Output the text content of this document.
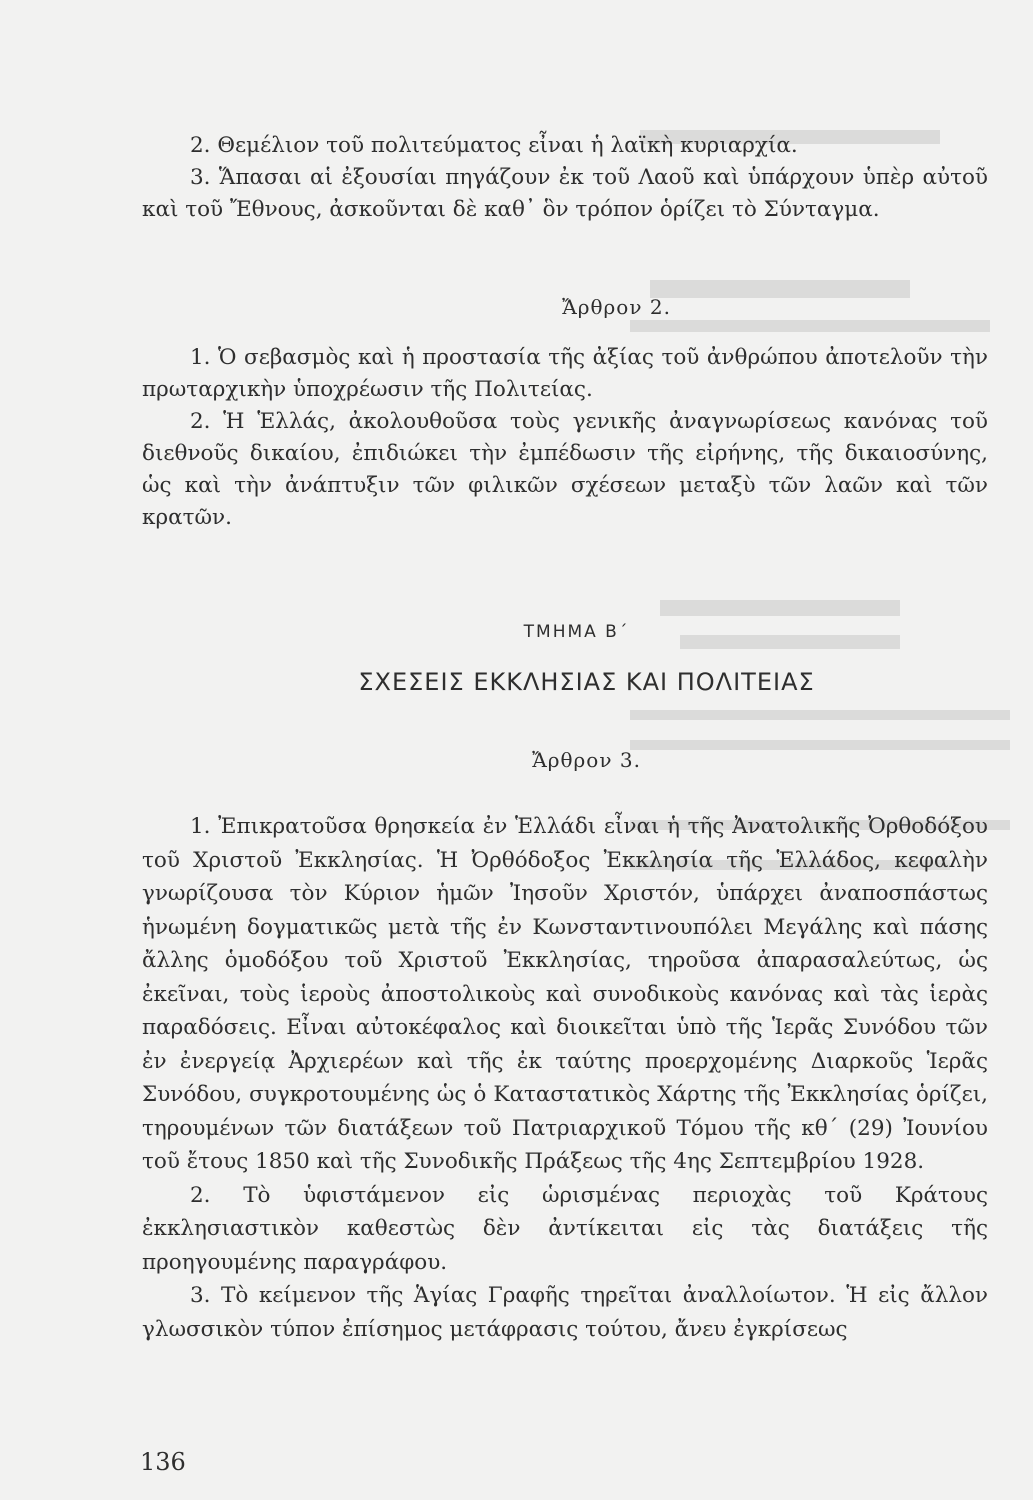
2. Θεμέλιον τοῦ πολιτεύματος εἶναι ἡ λαϊκὴ κυριαρχία.

3. Ἅπασαι αἱ ἐξουσίαι πηγάζουν ἐκ τοῦ Λαοῦ καὶ ὑπάρχουν ὑπὲρ αὐτοῦ καὶ τοῦ Ἔθνους, ἀσκοῦνται δὲ καθ᾽ ὃν τρόπον ὁρίζει τὸ Σύνταγμα.

Ἄρθρον 2.

1. Ὁ σεβασμὸς καὶ ἡ προστασία τῆς ἀξίας τοῦ ἀνθρώπου ἀποτελοῦν τὴν πρωταρχικὴν ὑποχρέωσιν τῆς Πολιτείας.

2. Ἡ Ἑλλάς, ἀκολουθοῦσα τοὺς γενικῆς ἀναγνωρίσεως κανόνας τοῦ διεθνοῦς δικαίου, ἐπιδιώκει τὴν ἐμπέδωσιν τῆς εἰρήνης, τῆς δικαιοσύνης, ὡς καὶ τὴν ἀνάπτυξιν τῶν φιλικῶν σχέσεων μεταξὺ τῶν λαῶν καὶ τῶν κρατῶν.

ΤΜΗΜΑ Β΄
ΣΧΕΣΕΙΣ ΕΚΚΛΗΣΙΑΣ ΚΑΙ ΠΟΛΙΤΕΙΑΣ
Ἄρθρον 3.

1. Ἐπικρατοῦσα θρησκεία ἐν Ἑλλάδι εἶναι ἡ τῆς Ἀνατολικῆς Ὀρθοδόξου τοῦ Χριστοῦ Ἐκκλησίας. Ἡ Ὀρθόδοξος Ἐκκλησία τῆς Ἑλλάδος, κεφαλὴν γνωρίζουσα τὸν Κύριον ἡμῶν Ἰησοῦν Χριστόν, ὑπάρχει ἀναποσπάστως ἡνωμένη δογματικῶς μετὰ τῆς ἐν Κωνσταντινουπόλει Μεγάλης καὶ πάσης ἄλλης ὁμοδόξου τοῦ Χριστοῦ Ἐκκλησίας, τηροῦσα ἀπαρασαλεύτως, ὡς ἐκεῖναι, τοὺς ἱεροὺς ἀποστολικοὺς καὶ συνοδικοὺς κανόνας καὶ τὰς ἱερὰς παραδόσεις. Εἶναι αὐτοκέφαλος καὶ διοικεῖται ὑπὸ τῆς Ἱερᾶς Συνόδου τῶν ἐν ἐνεργείᾳ Ἀρχιερέων καὶ τῆς ἐκ ταύτης προερχομένης Διαρκοῦς Ἱερᾶς Συνόδου, συγκροτουμένης ὡς ὁ Καταστατικὸς Χάρτης τῆς Ἐκκλησίας ὁρίζει, τηρουμένων τῶν διατάξεων τοῦ Πατριαρχικοῦ Τόμου τῆς κθ΄ (29) Ἰουνίου τοῦ ἔτους 1850 καὶ τῆς Συνοδικῆς Πράξεως τῆς 4ης Σεπτεμβρίου 1928.

2. Τὸ ὑφιστάμενον εἰς ὡρισμένας περιοχὰς τοῦ Κράτους ἐκκλησιαστικὸν καθεστὼς δὲν ἀντίκειται εἰς τὰς διατάξεις τῆς προηγουμένης παραγράφου.

3. Τὸ κείμενον τῆς Ἁγίας Γραφῆς τηρεῖται ἀναλλοίωτον. Ἡ εἰς ἄλλον γλωσσικὸν τύπον ἐπίσημος μετάφρασις τούτου, ἄνευ ἐγκρίσεως

136
